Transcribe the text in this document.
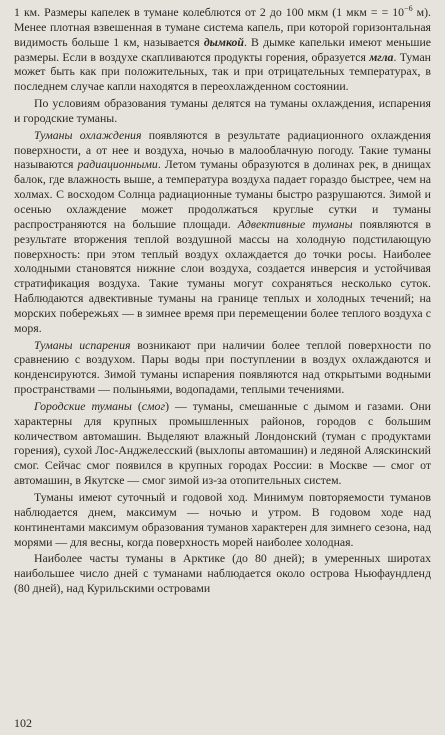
1 км. Размеры капелек в тумане колеблются от 2 до 100 мкм (1 мкм = = $10^{-6}$ м). Менее плотная взвешенная в тумане система капель, при которой горизонтальная видимость больше 1 км, называется дымкой. В дымке капельки имеют меньшие размеры. Если в воздухе скапливаются продукты горения, образуется мгла. Туман может быть как при положительных, так и при отрицательных температурах, в последнем случае капли находятся в переохлажденном состоянии.

По условиям образования туманы делятся на туманы охлаждения, испарения и городские туманы.

Туманы охлаждения появляются в результате радиационного охлаждения поверхности, а от нее и воздуха, ночью в малооблачную погоду. Такие туманы называются радиационными. Летом туманы образуются в долинах рек, в днищах балок, где влажность выше, а температура воздуха падает гораздо быстрее, чем на холмах. С восходом Солнца радиационные туманы быстро разрушаются. Зимой и осенью охлаждение может продолжаться круглые сутки и туманы распространяются на большие площади. Адвективные туманы появляются в результате вторжения теплой воздушной массы на холодную подстилающую поверхность: при этом теплый воздух охлаждается до точки росы. Наиболее холодными становятся нижние слои воздуха, создается инверсия и устойчивая стратификация воздуха. Такие туманы могут сохраняться несколько суток. Наблюдаются адвективные туманы на границе теплых и холодных течений; на морских побережьях — в зимнее время при перемещении более теплого воздуха с моря.

Туманы испарения возникают при наличии более теплой поверхности по сравнению с воздухом. Пары воды при поступлении в воздух охлаждаются и конденсируются. Зимой туманы испарения появляются над открытыми водными пространствами — полыньями, водопадами, теплыми течениями.

Городские туманы (смог) — туманы, смешанные с дымом и газами. Они характерны для крупных промышленных районов, городов с большим количеством автомашин. Выделяют влажный Лондонский (туман с продуктами горения), сухой Лос-Анджелесский (выхлопы автомашин) и ледяной Аляскинский смог. Сейчас смог появился в крупных городах России: в Москве — смог от автомашин, в Якутске — смог зимой из-за отопительных систем.

Туманы имеют суточный и годовой ход. Минимум повторяемости туманов наблюдается днем, максимум — ночью и утром. В годовом ходе над континентами максимум образования туманов характерен для зимнего сезона, над морями — для весны, когда поверхность морей наиболее холодная.

Наиболее часты туманы в Арктике (до 80 дней); в умеренных широтах наибольшее число дней с туманами наблюдается около острова Ньюфаундленд (80 дней), над Курильскими островами

102
